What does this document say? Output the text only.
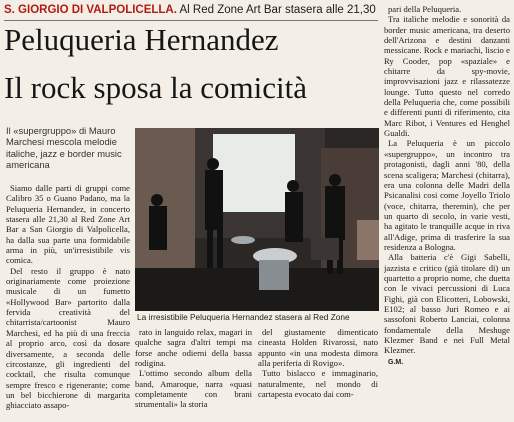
S. GIORGIO DI VALPOLICELLA. Al Red Zone Art Bar stasera alle 21,30
Peluqueria Hernandez
Il rock sposa la comicità
Il «supergruppo» di Mauro Marchesi mescola melodie italiche, jazz e border music americana

Siamo dalle parti di gruppi come Calibro 35 o Guano Padano, ma la Peluqueria Hernandez, in concerto stasera alle 21,30 al Red Zone Art Bar a San Giorgio di Valpolicella, ha dalla sua parte una formidabile arma in più, un'irresistibile vis comica.

Del resto il gruppo è nato originariamente come proiezione musicale di un fumetto «Hollywood Bar» partorito dalla fervida creatività del chitarrista/cartoonist Mauro Marchesi, ed ha più di una freccia al proprio arco, così da dosare diversamente, a seconda delle circostanze, gli ingredienti del cocktail, che risulta comunque sempre fresco e rigenerante; come un bel bicchierone di margarita ghiacciato assapo-

La irresistibile Peluqueria Hernandez stasera al Red Zone

rato in languido relax, magari in qualche sagra d'altri tempi ma forse anche odierni della bassa rodigina.

L'ottimo secondo album della band, Amaroque, narra «quasi completamente con brani strumentali» la storia

del giustamente dimenticato cineasta Holden Rivarossi, nato appunto «in una modesta dimora alla periferia di Rovigo».

Tutto bislacco e immaginario, naturalmente, nel mondo di cartapesta evocato dai com-

pari della Peluqueria.

Tra italiche melodie e sonorità da border music americana, tra deserto dell'Arizona e destini danzanti messicane. Rock e mariachi, liscio e Ry Cooder, pop «spaziale» e chitarre da spy-movie, improvvisazioni jazz e rilassatezze lounge. Tutto questo nel corredo della Peluqueria che, come possibili e differenti punti di riferimento, cita Marc Ribot, i Ventures ed Henghel Gualdi.

La Peluqueria è un piccolo «supergruppo», un incontro tra protagonisti, dagli anni '80, della scena scaligera; Marchesi (chitarra), era una colonna delle Madri della Psicanalisi cosi come Joyello Triolo (voce, chitarra, theremin), che per un quarto di secolo, in varie vesti, ha agitato le tranquille acque in riva all'Adige, prima di trasferire la sua residenza a Bologna.

Alla batteria c'è Gigi Sabelli, jazzista e critico (già titolare di) un quartetto a proprio nome, che duetta con le vivaci percussioni di Luca Fighi, già con Elicotteri, Lobowski, E102; al basso Juri Romeo e ai sassofoni Roberto Lanciai, colonna fondamentale della Meshuge Klezmer Band e nei Full Metal Klezmer.

G.M.
